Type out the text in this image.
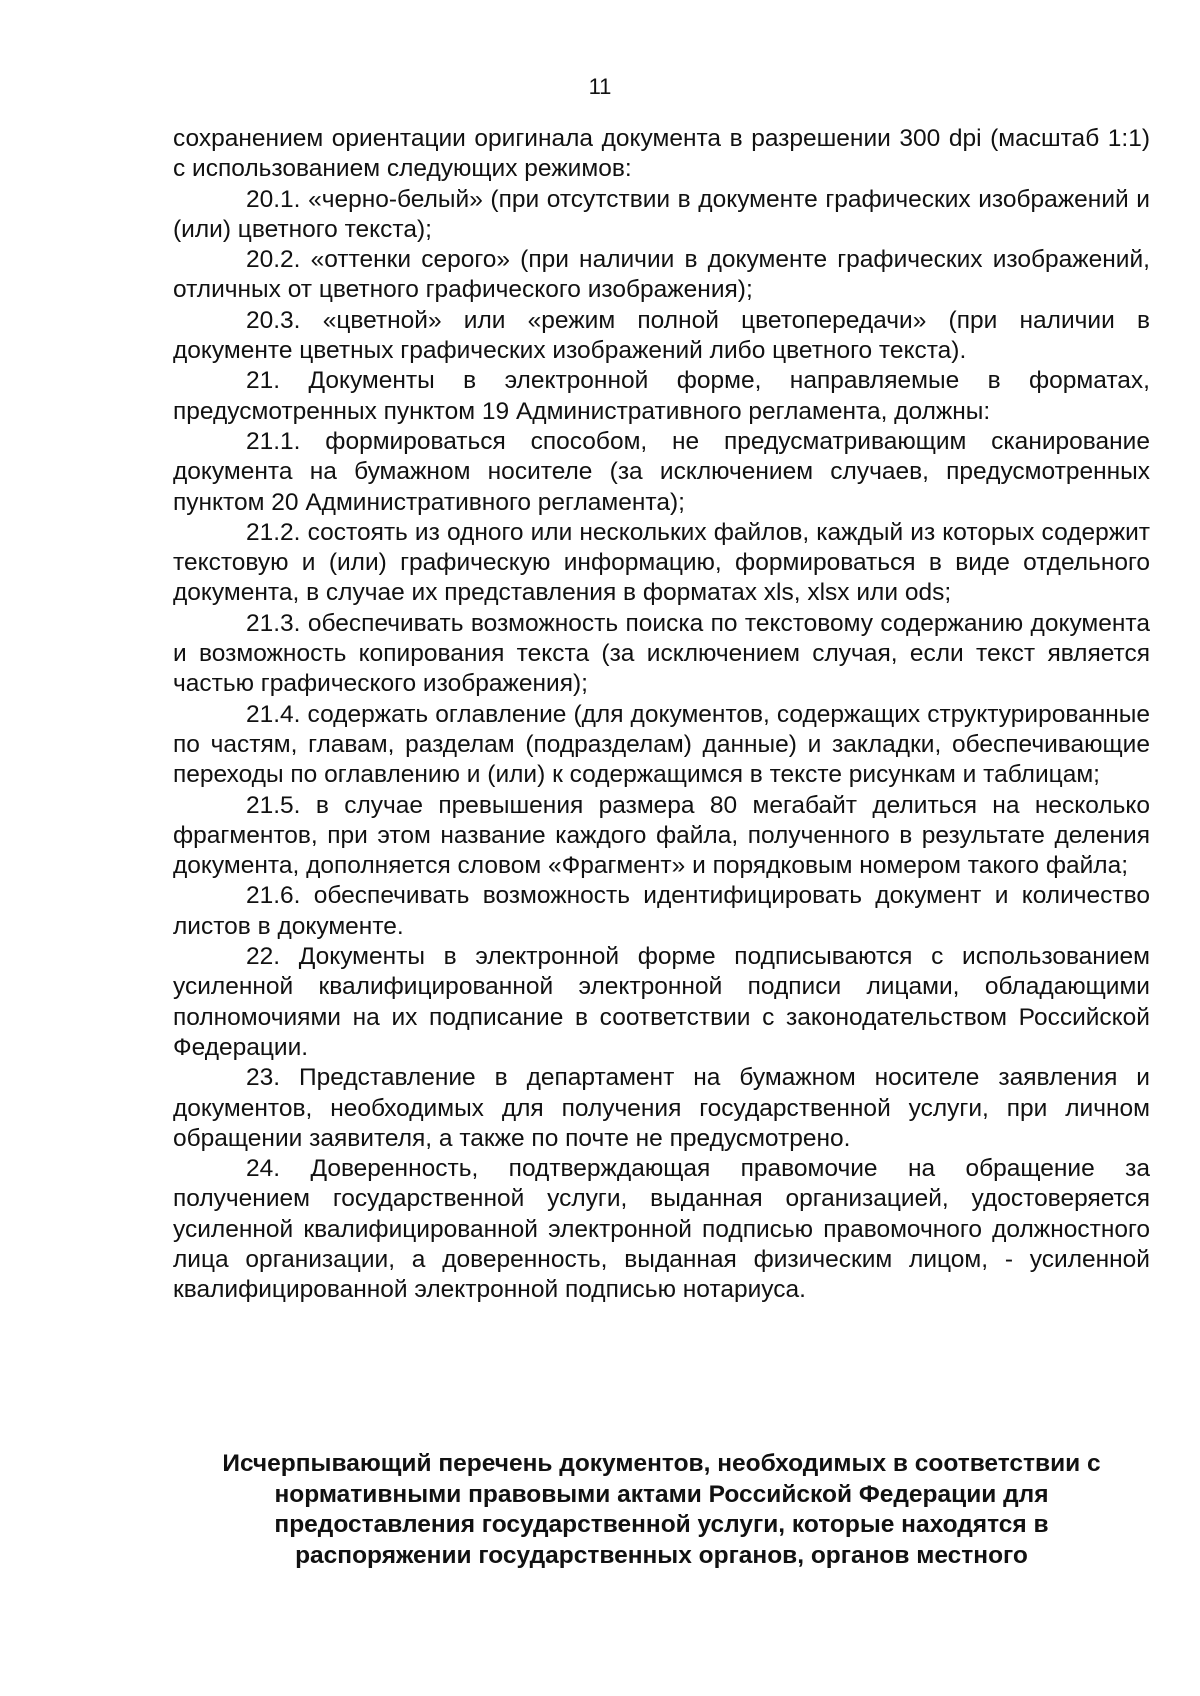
11

сохранением ориентации оригинала документа в разрешении 300 dpi (масштаб 1:1) с использованием следующих режимов:

20.1. «черно-белый» (при отсутствии в документе графических изображений и (или) цветного текста);

20.2. «оттенки серого» (при наличии в документе графических изображений, отличных от цветного графического изображения);

20.3. «цветной» или «режим полной цветопередачи» (при наличии в документе цветных графических изображений либо цветного текста).

21. Документы в электронной форме, направляемые в форматах, предусмотренных пунктом 19 Административного регламента, должны:

21.1. формироваться способом, не предусматривающим сканирование документа на бумажном носителе (за исключением случаев, предусмотренных пунктом 20 Административного регламента);

21.2. состоять из одного или нескольких файлов, каждый из которых содержит текстовую и (или) графическую информацию, формироваться в виде отдельного документа, в случае их представления в форматах xls, xlsx или ods;

21.3. обеспечивать возможность поиска по текстовому содержанию документа и возможность копирования текста (за исключением случая, если текст является частью графического изображения);

21.4. содержать оглавление (для документов, содержащих структурированные по частям, главам, разделам (подразделам) данные) и закладки, обеспечивающие переходы по оглавлению и (или) к содержащимся в тексте рисункам и таблицам;

21.5. в случае превышения размера 80 мегабайт делиться на несколько фрагментов, при этом название каждого файла, полученного в результате деления документа, дополняется словом «Фрагмент» и порядковым номером такого файла;

21.6. обеспечивать возможность идентифицировать документ и количество листов в документе.

22. Документы в электронной форме подписываются с использованием усиленной квалифицированной электронной подписи лицами, обладающими полномочиями на их подписание в соответствии с законодательством Российской Федерации.

23. Представление в департамент на бумажном носителе заявления и документов, необходимых для получения государственной услуги, при личном обращении заявителя, а также по почте не предусмотрено.

24. Доверенность, подтверждающая правомочие на обращение за получением государственной услуги, выданная организацией, удостоверяется усиленной квалифицированной электронной подписью правомочного должностного лица организации, а доверенность, выданная физическим лицом, - усиленной квалифицированной электронной подписью нотариуса.

Исчерпывающий перечень документов, необходимых в соответствии с
нормативными правовыми актами Российской Федерации для
предоставления государственной услуги, которые находятся в
распоряжении государственных органов, органов местного
